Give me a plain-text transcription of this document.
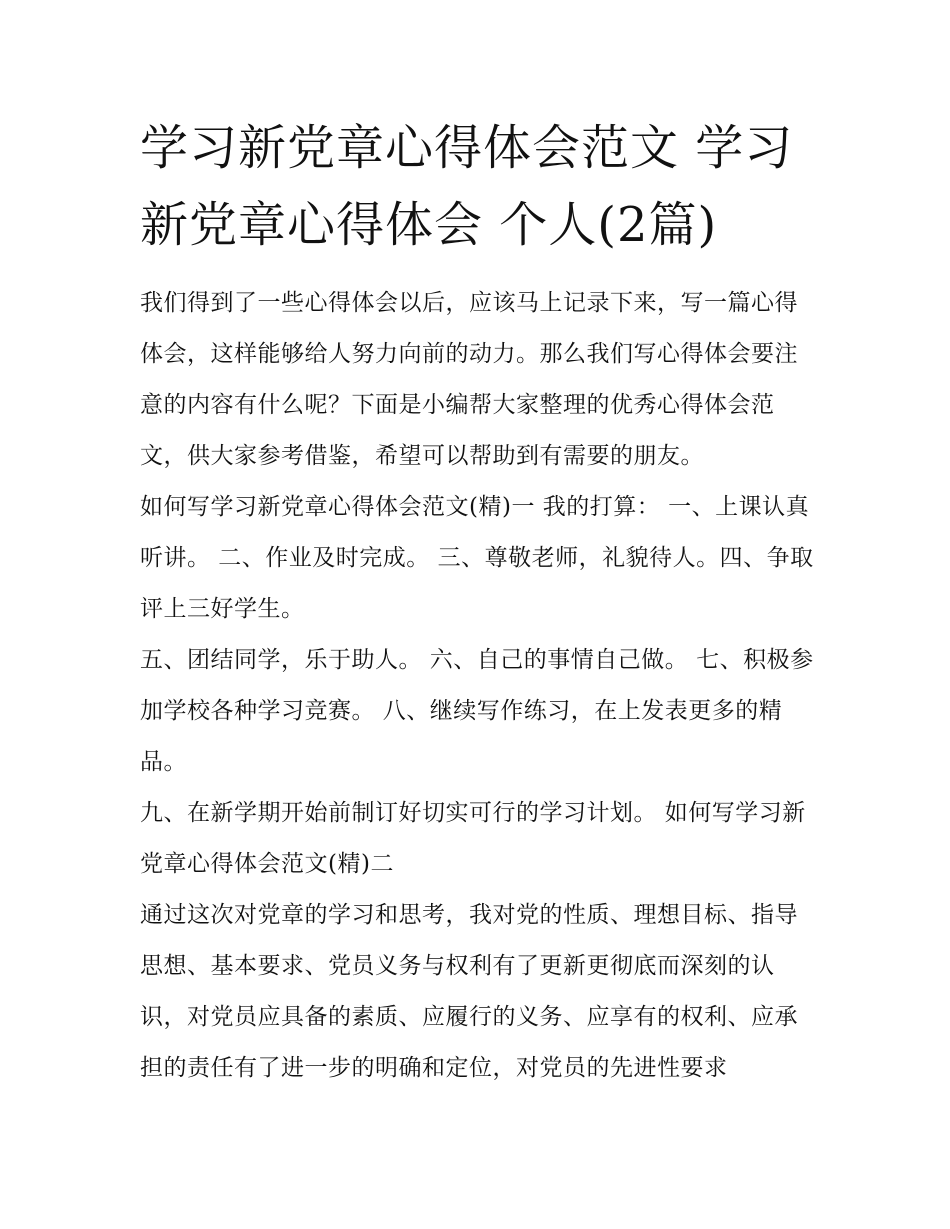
学习新党章心得体会范文 学习新党章心得体会 个人(2篇)

我们得到了一些心得体会以后，应该马上记录下来，写一篇心得体会，这样能够给人努力向前的动力。那么我们写心得体会要注意的内容有什么呢？下面是小编帮大家整理的优秀心得体会范文，供大家参考借鉴，希望可以帮助到有需要的朋友。

如何写学习新党章心得体会范文(精)一 我的打算： 一、上课认真听讲。 二、作业及时完成。 三、尊敬老师，礼貌待人。四、争取评上三好学生。

五、团结同学，乐于助人。 六、自己的事情自己做。 七、积极参加学校各种学习竞赛。 八、继续写作练习，在上发表更多的精品。

九、在新学期开始前制订好切实可行的学习计划。 如何写学习新党章心得体会范文(精)二

通过这次对党章的学习和思考，我对党的性质、理想目标、指导思想、基本要求、党员义务与权利有了更新更彻底而深刻的认识，对党员应具备的素质、应履行的义务、应享有的权利、应承担的责任有了进一步的明确和定位，对党员的先进性要求
